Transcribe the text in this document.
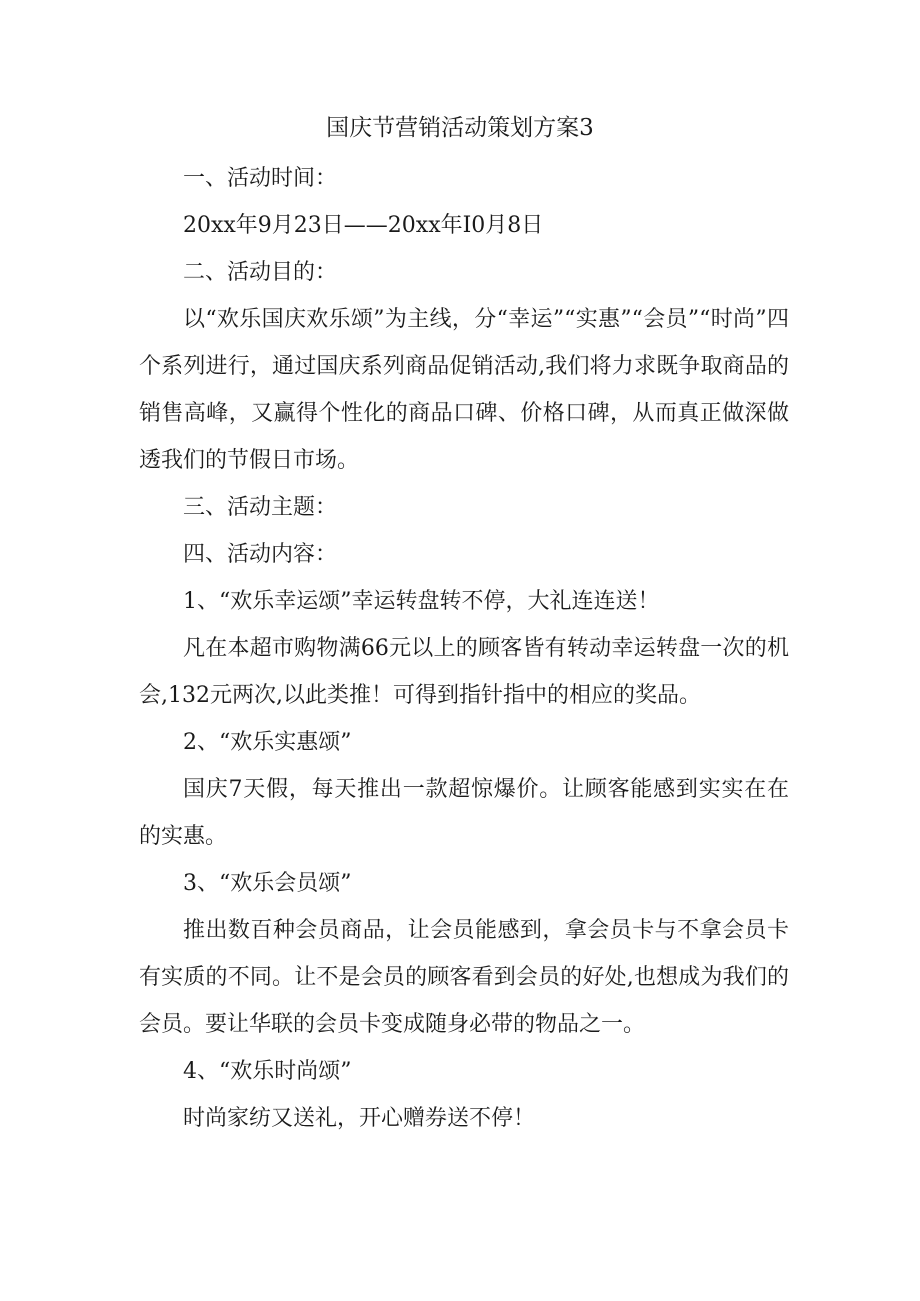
国庆节营销活动策划方案3

一、活动时间：

20xx年9月23日——20xx年I0月8日

二、活动目的：

以“欢乐国庆欢乐颂”为主线，分“幸运”“实惠”“会员”“时尚”四个系列进行，通过国庆系列商品促销活动,我们将力求既争取商品的销售高峰，又赢得个性化的商品口碑、价格口碑，从而真正做深做透我们的节假日市场。

三、活动主题：

四、活动内容：

1、“欢乐幸运颂”幸运转盘转不停，大礼连连送！

凡在本超市购物满66元以上的顾客皆有转动幸运转盘一次的机会,132元两次,以此类推！可得到指针指中的相应的奖品。

2、“欢乐实惠颂”

国庆7天假，每天推出一款超惊爆价。让顾客能感到实实在在的实惠。

3、“欢乐会员颂”

推出数百种会员商品，让会员能感到，拿会员卡与不拿会员卡有实质的不同。让不是会员的顾客看到会员的好处,也想成为我们的会员。要让华联的会员卡变成随身必带的物品之一。

4、“欢乐时尚颂”

时尚家纺又送礼，开心赠券送不停！
